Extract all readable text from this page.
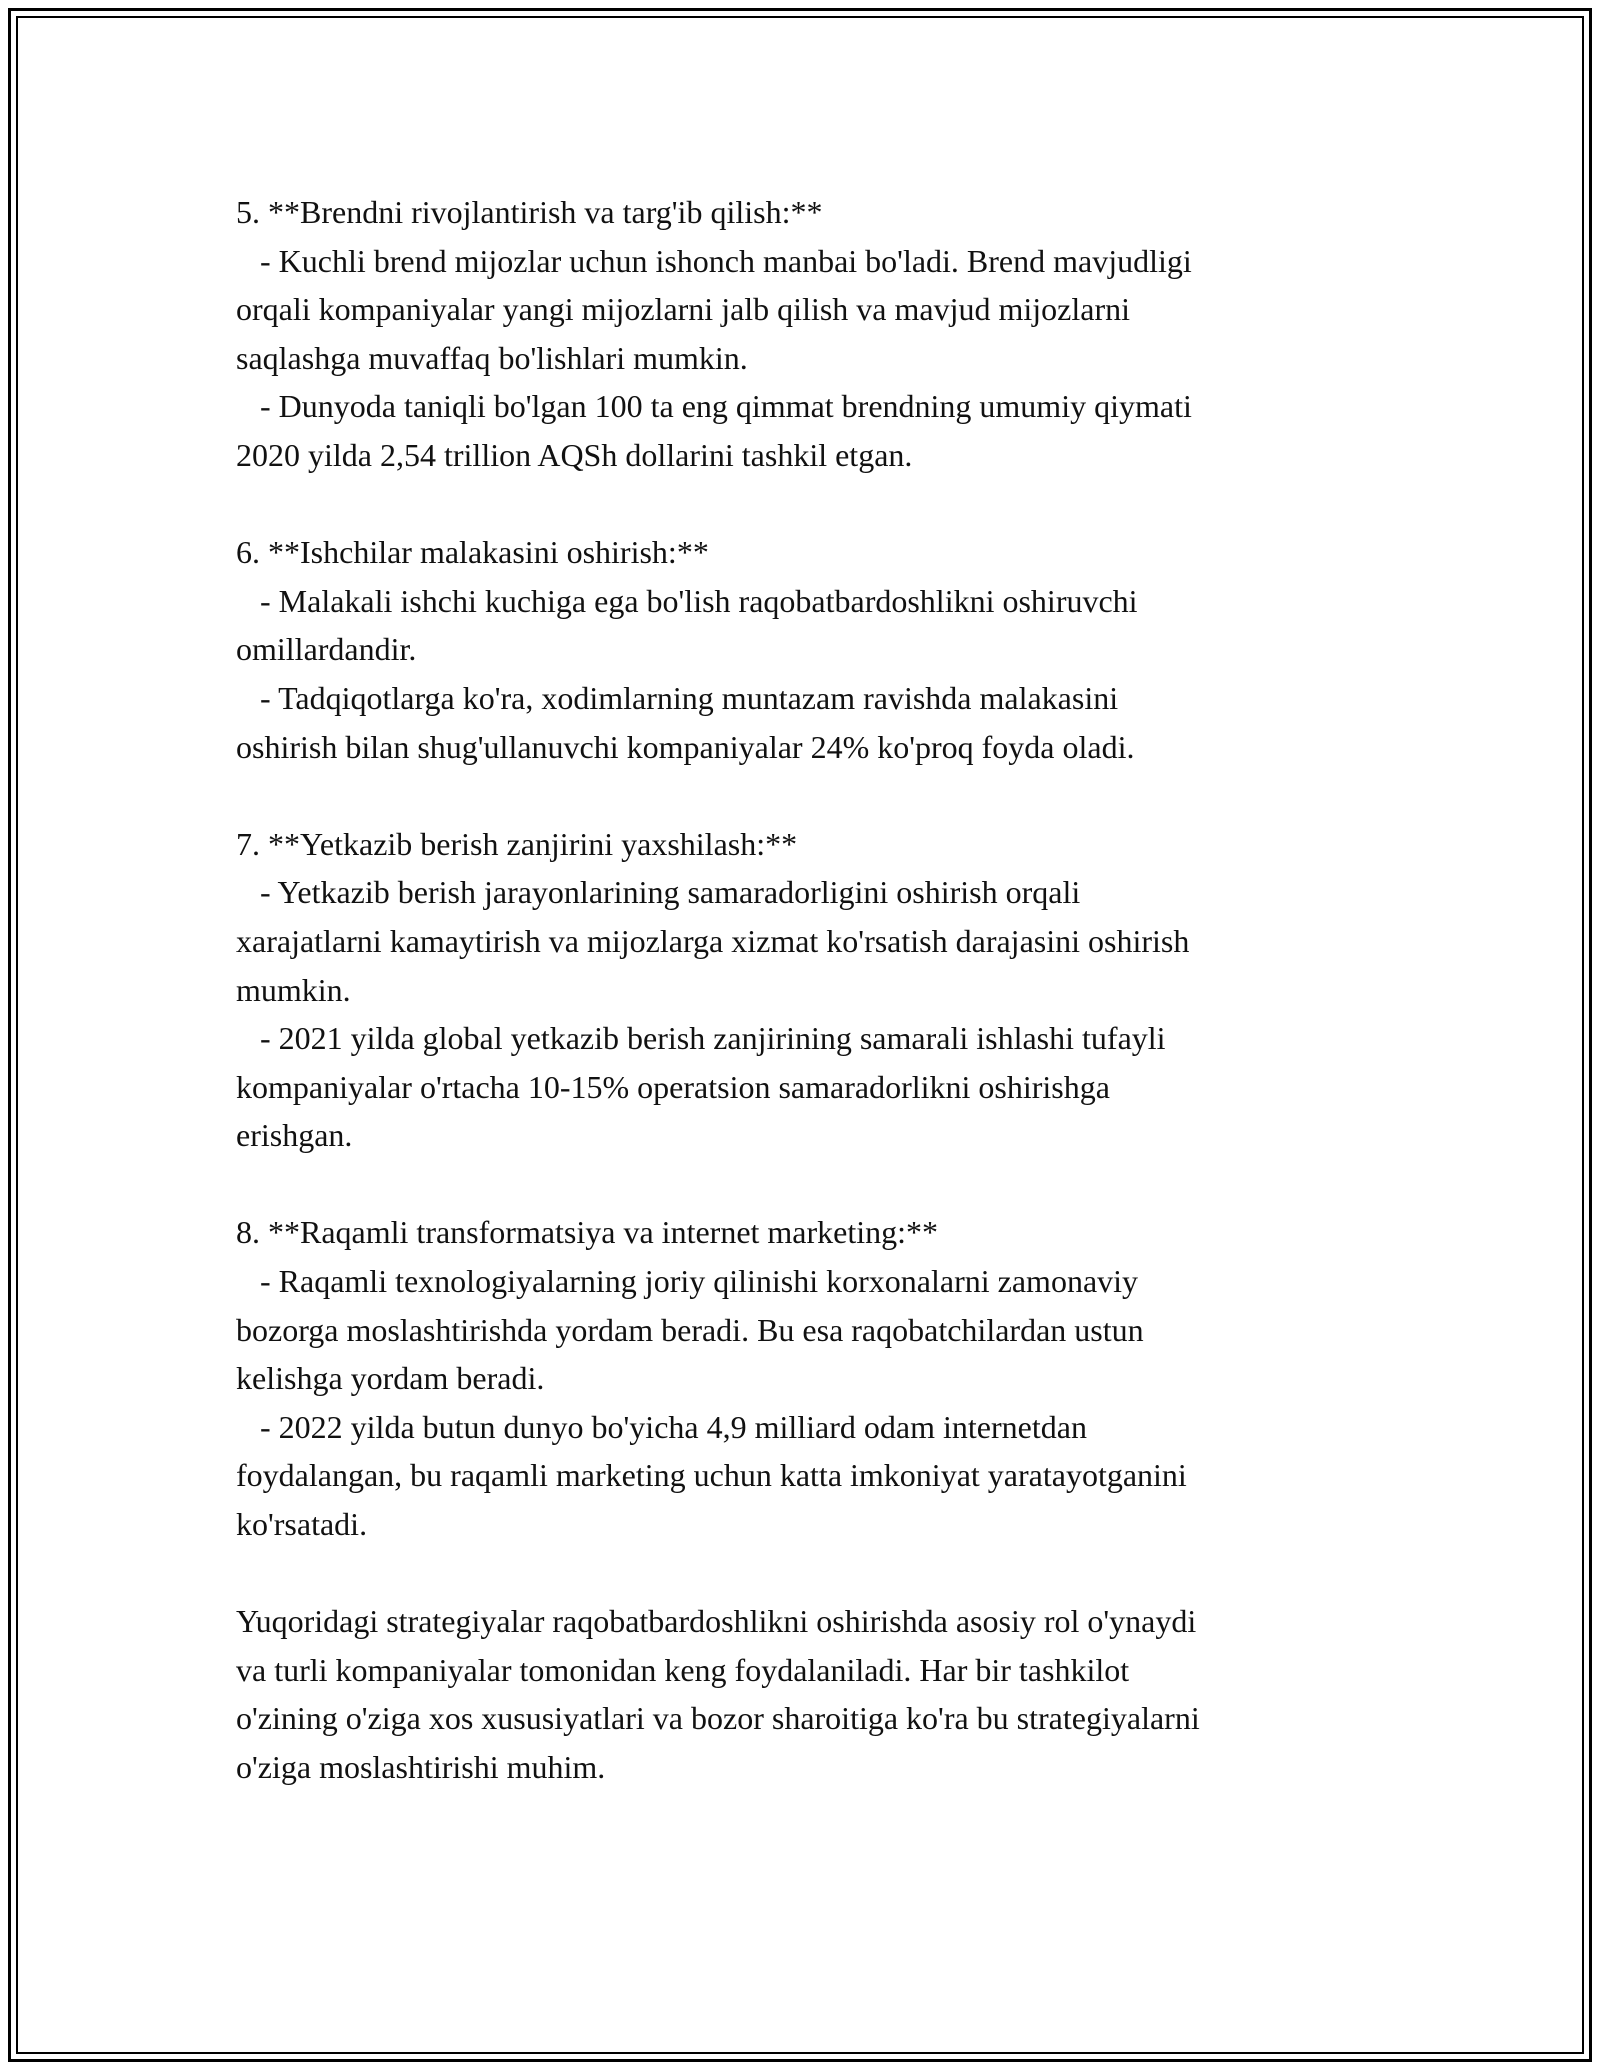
5. **Brendni rivojlantirish va targ'ib qilish:**
- Kuchli brend mijozlar uchun ishonch manbai bo'ladi. Brend mavjudligi
orqali kompaniyalar yangi mijozlarni jalb qilish va mavjud mijozlarni
saqlashga muvaffaq bo'lishlari mumkin.
- Dunyoda taniqli bo'lgan 100 ta eng qimmat brendning umumiy qiymati
2020 yilda 2,54 trillion AQSh dollarini tashkil etgan.
6. **Ishchilar malakasini oshirish:**
- Malakali ishchi kuchiga ega bo'lish raqobatbardoshlikni oshiruvchi
omillardandir.
- Tadqiqotlarga ko'ra, xodimlarning muntazam ravishda malakasini
oshirish bilan shug'ullanuvchi kompaniyalar 24% ko'proq foyda oladi.
7. **Yetkazib berish zanjirini yaxshilash:**
- Yetkazib berish jarayonlarining samaradorligini oshirish orqali
xarajatlarni kamaytirish va mijozlarga xizmat ko'rsatish darajasini oshirish
mumkin.
- 2021 yilda global yetkazib berish zanjirining samarali ishlashi tufayli
kompaniyalar o'rtacha 10-15% operatsion samaradorlikni oshirishga
erishgan.
8. **Raqamli transformatsiya va internet marketing:**
- Raqamli texnologiyalarning joriy qilinishi korxonalarni zamonaviy
bozorga moslashtirishda yordam beradi. Bu esa raqobatchilardan ustun
kelishga yordam beradi.
- 2022 yilda butun dunyo bo'yicha 4,9 milliard odam internetdan
foydalangan, bu raqamli marketing uchun katta imkoniyat yaratayotganini
ko'rsatadi.
Yuqoridagi strategiyalar raqobatbardoshlikni oshirishda asosiy rol o'ynaydi
va turli kompaniyalar tomonidan keng foydalaniladi. Har bir tashkilot
o'zining o'ziga xos xususiyatlari va bozor sharoitiga ko'ra bu strategiyalarni
o'ziga moslashtirishi muhim.
